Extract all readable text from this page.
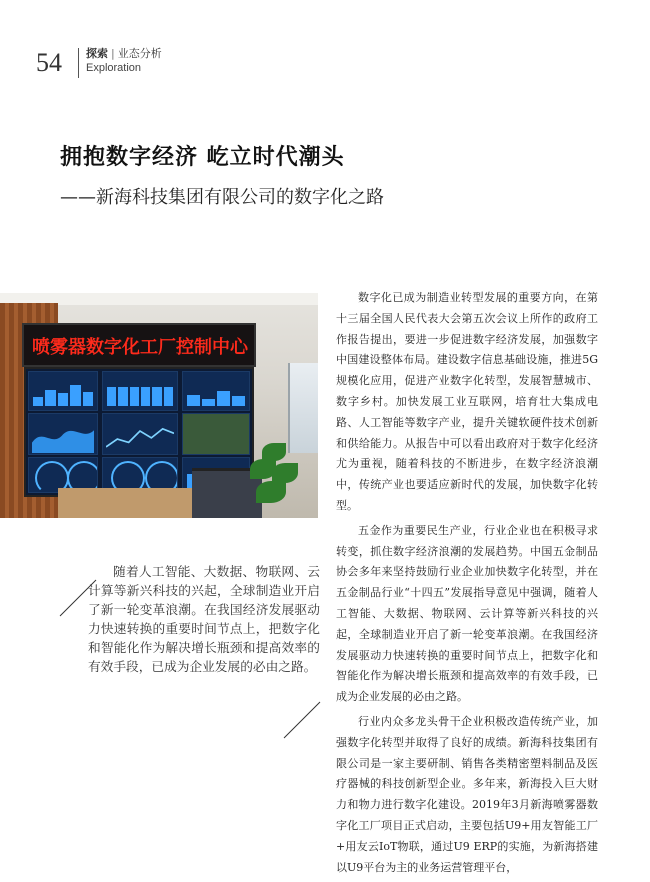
54 探索 | 业态分析
Exploration
拥抱数字经济 屹立时代潮头
——新海科技集团有限公司的数字化之路
喷雾器数字化工厂控制中心

随着人工智能、大数据、物联网、云计算等新兴科技的兴起，全球制造业开启了新一轮变革浪潮。在我国经济发展驱动力快速转换的重要时间节点上，把数字化和智能化作为解决增长瓶颈和提高效率的有效手段，已成为企业发展的必由之路。

数字化已成为制造业转型发展的重要方向，在第十三届全国人民代表大会第五次会议上所作的政府工作报告提出，要进一步促进数字经济发展，加强数字中国建设整体布局。建设数字信息基础设施，推进5G规模化应用，促进产业数字化转型，发展智慧城市、数字乡村。加快发展工业互联网，培育壮大集成电路、人工智能等数字产业，提升关键软硬件技术创新和供给能力。从报告中可以看出政府对于数字化经济尤为重视，随着科技的不断进步，在数字经济浪潮中，传统产业也要适应新时代的发展，加快数字化转型。

五金作为重要民生产业，行业企业也在积极寻求转变，抓住数字经济浪潮的发展趋势。中国五金制品协会多年来坚持鼓励行业企业加快数字化转型，并在五金制品行业“十四五”发展指导意见中强调，随着人工智能、大数据、物联网、云计算等新兴科技的兴起，全球制造业开启了新一轮变革浪潮。在我国经济发展驱动力快速转换的重要时间节点上，把数字化和智能化作为解决增长瓶颈和提高效率的有效手段，已成为企业发展的必由之路。

行业内众多龙头骨干企业积极改造传统产业，加强数字化转型并取得了良好的成绩。新海科技集团有限公司是一家主要研制、销售各类精密塑料制品及医疗器械的科技创新型企业。多年来，新海投入巨大财力和物力进行数字化建设。2019年3月新海喷雾器数字化工厂项目正式启动，主要包括U9+用友智能工厂+用友云IoT物联，通过U9 ERP的实施，为新海搭建以U9平台为主的业务运营管理平台，
